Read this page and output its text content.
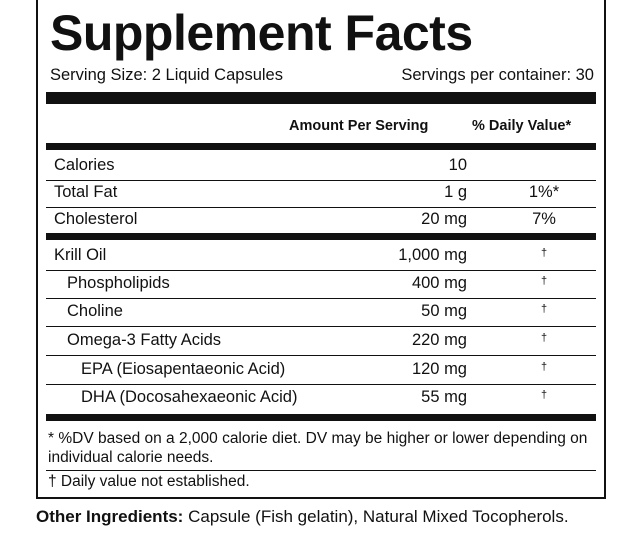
Supplement Facts
Serving Size: 2 Liquid Capsules	Servings per container: 30
Amount Per Serving	% Daily Value*
Calories	10
Total Fat	1 g	1%*
Cholesterol	20 mg	7%
Krill Oil	1,000 mg	†
Phospholipids	400 mg	†
Choline	50 mg	†
Omega-3 Fatty Acids	220 mg	†
EPA (Eiosapentaeonic Acid)	120 mg	†
DHA (Docosahexaeonic Acid)	55 mg	†
* %DV based on a 2,000 calorie diet. DV may be higher or lower depending on individual calorie needs.
† Daily value not established.
Other Ingredients: Capsule (Fish gelatin), Natural Mixed Tocopherols.
